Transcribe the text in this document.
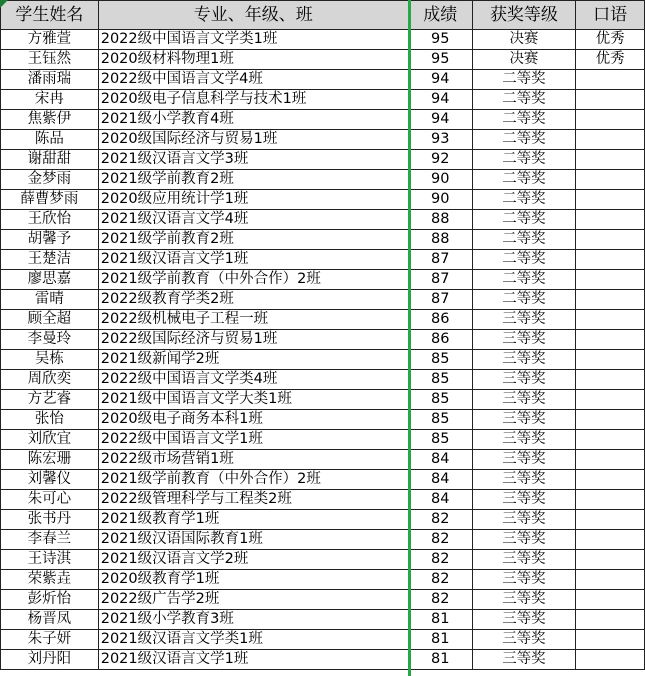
学生姓名	专业、年级、班	成绩	获奖等级	口语
方雅萱	2022级中国语言文学类1班	95	决赛	优秀
王钰然	2020级材料物理1班	95	决赛	优秀
潘雨瑞	2022级中国语言文学4班	94	二等奖	
宋冉	2020级电子信息科学与技术1班	94	二等奖	
焦紫伊	2021级小学教育4班	94	二等奖	
陈品	2020级国际经济与贸易1班	93	二等奖	
谢甜甜	2021级汉语言文学3班	92	二等奖	
金梦雨	2021级学前教育2班	90	二等奖	
薛曹梦雨	2020级应用统计学1班	90	二等奖	
王欣怡	2021级汉语言文学4班	88	二等奖	
胡馨予	2021级学前教育2班	88	二等奖	
王楚洁	2021级汉语言文学1班	87	二等奖	
廖思嘉	2021级学前教育（中外合作）2班	87	二等奖	
雷晴	2022级教育学类2班	87	二等奖	
顾全超	2022级机械电子工程一班	86	三等奖	
李曼玲	2022级国际经济与贸易1班	86	三等奖	
吴栋	2021级新闻学2班	85	三等奖	
周欣奕	2022级中国语言文学类4班	85	三等奖	
方艺睿	2021级中国语言文学大类1班	85	三等奖	
张怡	2020级电子商务本科1班	85	三等奖	
刘欣宜	2022级中国语言文学1班	85	三等奖	
陈宏珊	2022级市场营销1班	84	三等奖	
刘馨仪	2021级学前教育（中外合作）2班	84	三等奖	
朱可心	2022级管理科学与工程类2班	84	三等奖	
张书丹	2021级教育学1班	82	三等奖	
李春兰	2021级汉语国际教育1班	82	三等奖	
王诗淇	2021级汉语言文学2班	82	三等奖	
荣紫垚	2020级教育学1班	82	三等奖	
彭炘怡	2022级广告学2班	82	三等奖	
杨晋凤	2021级小学教育3班	81	三等奖	
朱子妍	2021级汉语言文学类1班	81	三等奖	
刘丹阳	2021级汉语言文学1班	81	三等奖	
